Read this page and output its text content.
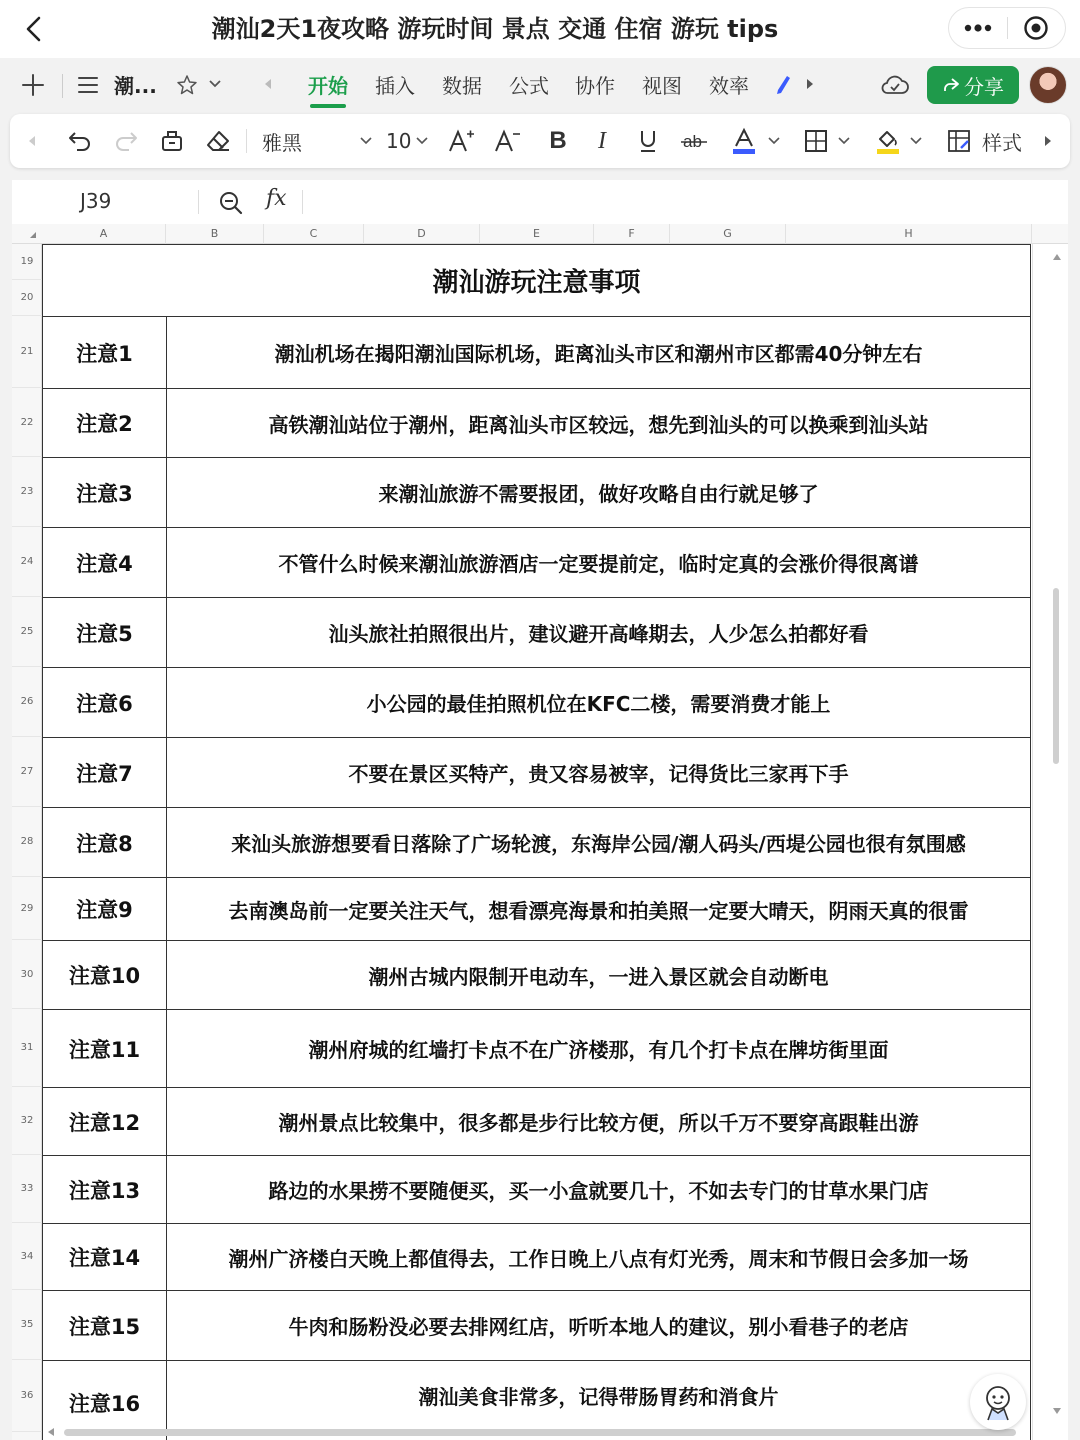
潮汕2天1夜攻略 游玩时间 景点 交通 住宿 游玩 tips
潮...	开始 插入 数据 公式 协作 视图 效率	分享
雅黑	10	B	I	ab	样式
J39	fx
A	B	C	D	E	F	G	H
19
20
21
22
23
24
25
26
27
28
29
30
31
32
33
34
35
36
潮汕游玩注意事项
注意1	潮汕机场在揭阳潮汕国际机场，距离汕头市区和潮州市区都需40分钟左右
注意2	高铁潮汕站位于潮州，距离汕头市区较远，想先到汕头的可以换乘到汕头站
注意3	来潮汕旅游不需要报团，做好攻略自由行就足够了
注意4	不管什么时候来潮汕旅游酒店一定要提前定，临时定真的会涨价得很离谱
注意5	汕头旅社拍照很出片，建议避开高峰期去，人少怎么拍都好看
注意6	小公园的最佳拍照机位在KFC二楼，需要消费才能上
注意7	不要在景区买特产，贵又容易被宰，记得货比三家再下手
注意8	来汕头旅游想要看日落除了广场轮渡，东海岸公园/潮人码头/西堤公园也很有氛围感
注意9	去南澳岛前一定要关注天气，想看漂亮海景和拍美照一定要大晴天，阴雨天真的很雷
注意10	潮州古城内限制开电动车，一进入景区就会自动断电
注意11	潮州府城的红墙打卡点不在广济楼那，有几个打卡点在牌坊街里面
注意12	潮州景点比较集中，很多都是步行比较方便，所以千万不要穿高跟鞋出游
注意13	路边的水果捞不要随便买，买一小盒就要几十，不如去专门的甘草水果门店
注意14	潮州广济楼白天晚上都值得去，工作日晚上八点有灯光秀，周末和节假日会多加一场
注意15	牛肉和肠粉没必要去排网红店，听听本地人的建议，别小看巷子的老店
注意16	潮汕美食非常多，记得带肠胃药和消食片
